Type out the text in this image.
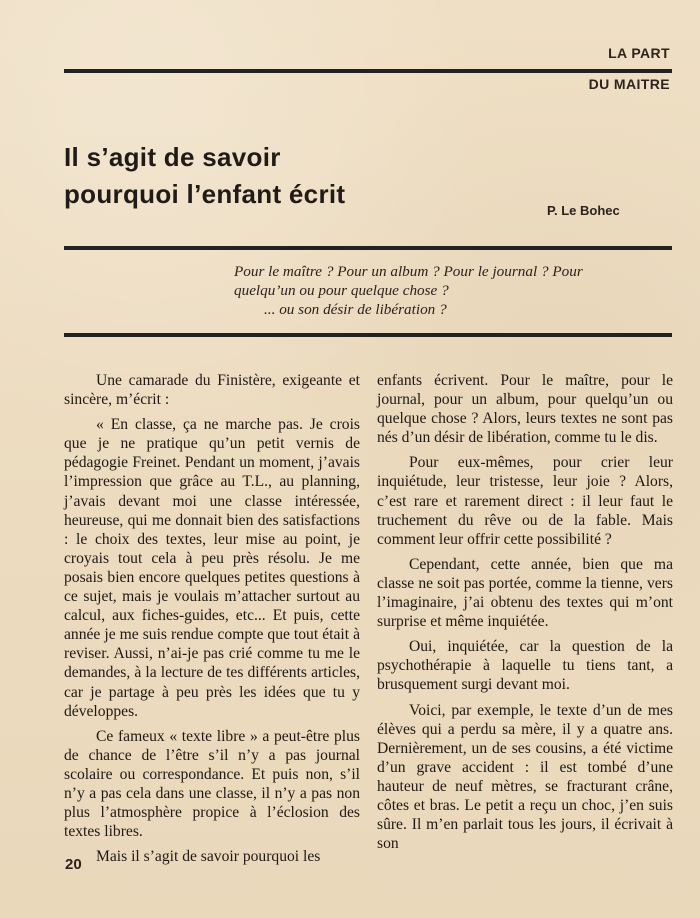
LA PART
DU MAITRE
Il s’agit de savoir
pourquoi l’enfant écrit
P. Le Bohec
Pour le maître ? Pour un album ? Pour le journal ? Pour
quelqu’un ou pour quelque chose ?
... ou son désir de libération ?

Une camarade du Finistère, exigeante et sincère, m’écrit :

« En classe, ça ne marche pas. Je crois que je ne pratique qu’un petit vernis de pédagogie Freinet. Pendant un moment, j’avais l’impression que grâce au T.L., au planning, j’avais devant moi une classe intéressée, heureuse, qui me donnait bien des satisfactions : le choix des textes, leur mise au point, je croyais tout cela à peu près résolu. Je me posais bien encore quelques petites questions à ce sujet, mais je voulais m’attacher surtout au calcul, aux fiches-guides, etc... Et puis, cette année je me suis rendue compte que tout était à reviser. Aussi, n’ai-je pas crié comme tu me le demandes, à la lecture de tes différents articles, car je partage à peu près les idées que tu y développes.

Ce fameux « texte libre » a peut-être plus de chance de l’être s’il n’y a pas journal scolaire ou correspondance. Et puis non, s’il n’y a pas cela dans une classe, il n’y a pas non plus l’atmosphère propice à l’éclosion des textes libres.

Mais il s’agit de savoir pourquoi les

enfants écrivent. Pour le maître, pour le journal, pour un album, pour quelqu’un ou quelque chose ? Alors, leurs textes ne sont pas nés d’un désir de libération, comme tu le dis.

Pour eux-mêmes, pour crier leur inquiétude, leur tristesse, leur joie ? Alors, c’est rare et rarement direct : il leur faut le truchement du rêve ou de la fable. Mais comment leur offrir cette possibilité ?

Cependant, cette année, bien que ma classe ne soit pas portée, comme la tienne, vers l’imaginaire, j’ai obtenu des textes qui m’ont surprise et même inquiétée.

Oui, inquiétée, car la question de la psychothérapie à laquelle tu tiens tant, a brusquement surgi devant moi.

Voici, par exemple, le texte d’un de mes élèves qui a perdu sa mère, il y a quatre ans. Dernièrement, un de ses cousins, a été victime d’un grave accident : il est tombé d’une hauteur de neuf mètres, se fracturant crâne, côtes et bras. Le petit a reçu un choc, j’en suis sûre. Il m’en parlait tous les jours, il écrivait à son

20
